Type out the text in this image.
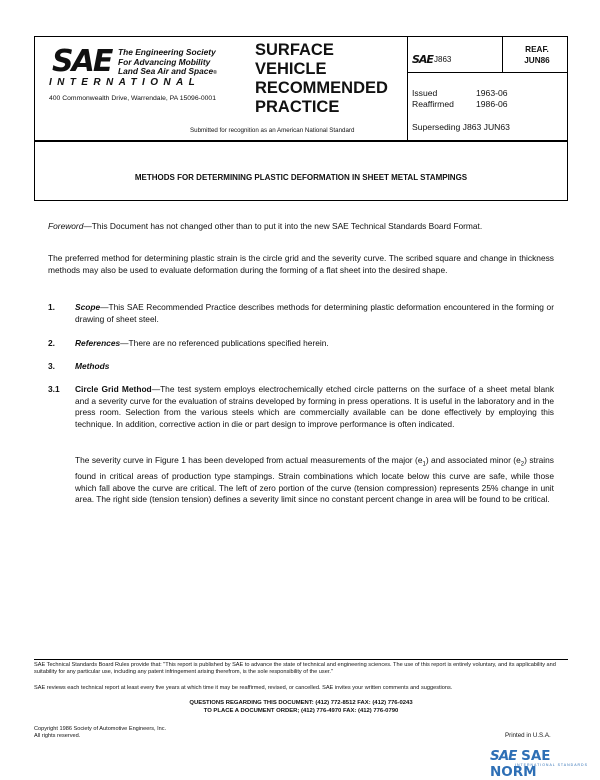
SAE The Engineering Society
For Advancing Mobility
Land Sea Air and Space®
INTERNATIONAL
400 Commonwealth Drive, Warrendale, PA 15096-0001
SURFACE
VEHICLE
RECOMMENDED
PRACTICE
Submitted for recognition as an American National Standard
SAE J863
REAF.
JUN86
Issued	1963-06
Reaffirmed	1986-06
Superseding J863 JUN63
METHODS FOR DETERMINING PLASTIC DEFORMATION IN SHEET METAL STAMPINGS
Foreword—This Document has not changed other than to put it into the new SAE Technical Standards Board Format.
The preferred method for determining plastic strain is the circle grid and the severity curve. The scribed square and change in thickness methods may also be used to evaluate deformation during the forming of a flat sheet into the desired shape.
1. Scope—This SAE Recommended Practice describes methods for determining plastic deformation encountered in the forming or drawing of sheet steel.
2. References—There are no referenced publications specified herein.
3. Methods
3.1 Circle Grid Method—The test system employs electrochemically etched circle patterns on the surface of a sheet metal blank and a severity curve for the evaluation of strains developed by forming in press operations. It is useful in the laboratory and in the press room. Selection from the various steels which are commercially available can be done effectively by employing this technique. In addition, corrective action in die or part design to improve performance is often indicated.
The severity curve in Figure 1 has been developed from actual measurements of the major $(e_1)$ and associated minor $(e_2)$ strains found in critical areas of production type stampings. Strain combinations which locate below this curve are safe, while those which fall above the curve are critical. The left of zero portion of the curve (tension compression) represents 25% change in unit area. The right side (tension tension) defines a severity limit since no constant percent change in area will be found to be critical.
SAE Technical Standards Board Rules provide that: "This report is published by SAE to advance the state of technical and engineering sciences. The use of this report is entirely voluntary, and its applicability and suitability for any particular use, including any patent infringement arising therefrom, is the sole responsibility of the user."
SAE reviews each technical report at least every five years at which time it may be reaffirmed, revised, or cancelled. SAE invites your written comments and suggestions.
QUESTIONS REGARDING THIS DOCUMENT: (412) 772-8512 FAX: (412) 776-0243
TO PLACE A DOCUMENT ORDER; (412) 776-4970 FAX: (412) 776-0790
Copyright 1986 Society of Automotive Engineers, Inc.
All rights reserved.	Printed in U.S.A.
SAE SAE NORM
INTERNATIONAL STANDARDS
